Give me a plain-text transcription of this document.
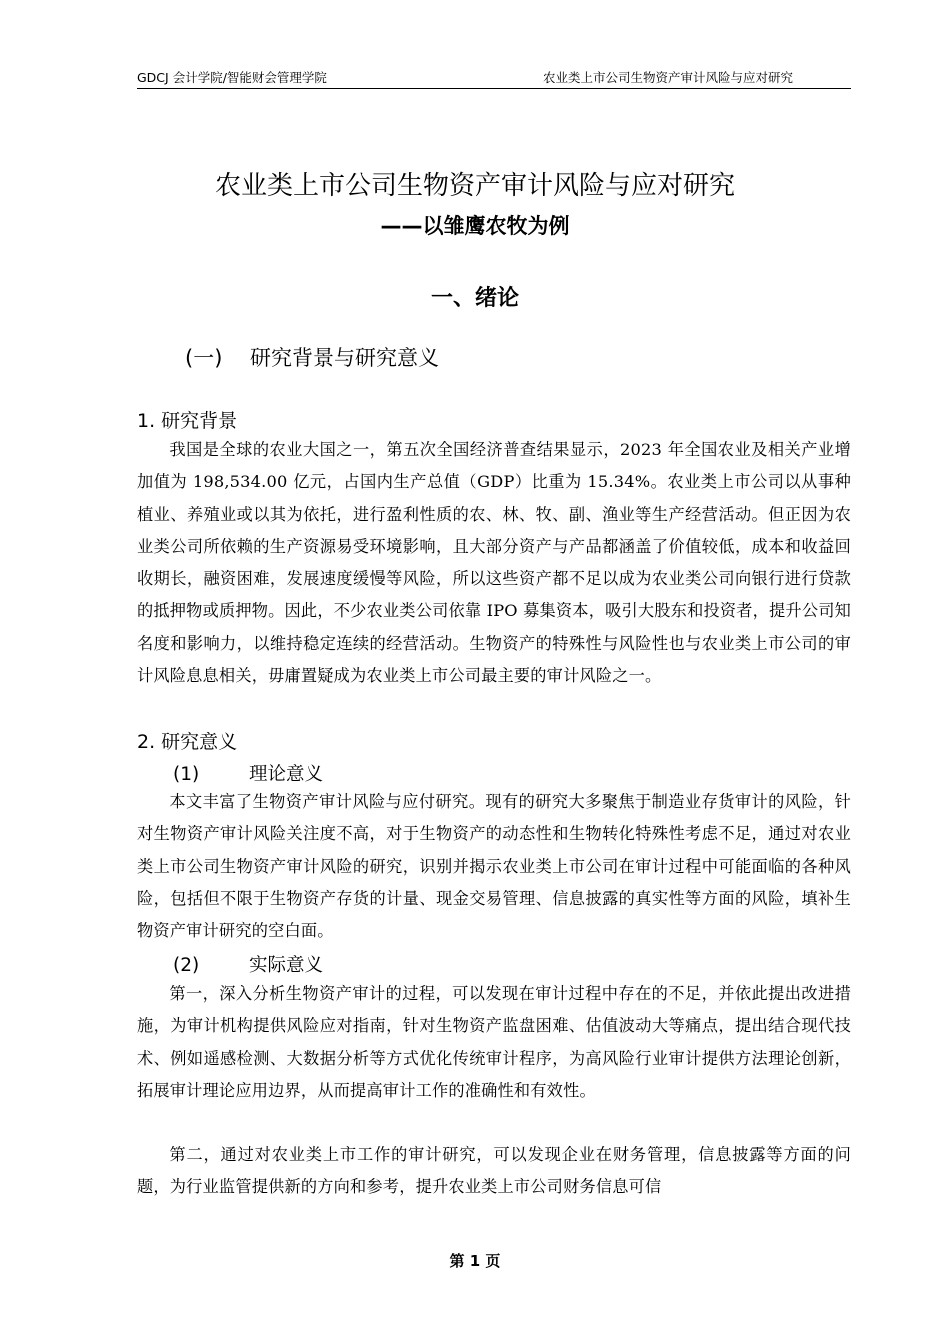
GDCJ 会计学院/智能财会管理学院	农业类上市公司生物资产审计风险与应对研究
农业类上市公司生物资产审计风险与应对研究
——以雏鹰农牧为例
一、绪论
(一) 研究背景与研究意义
1. 研究背景
我国是全球的农业大国之一，第五次全国经济普查结果显示，2023 年全国农业及相关产业增加值为 198,534.00 亿元，占国内生产总值（GDP）比重为 15.34%。农业类上市公司以从事种植业、养殖业或以其为依托，进行盈利性质的农、林、牧、副、渔业等生产经营活动。但正因为农业类公司所依赖的生产资源易受环境影响，且大部分资产与产品都涵盖了价值较低，成本和收益回收期长，融资困难，发展速度缓慢等风险，所以这些资产都不足以成为农业类公司向银行进行贷款的抵押物或质押物。因此，不少农业类公司依靠 IPO 募集资本，吸引大股东和投资者，提升公司知名度和影响力，以维持稳定连续的经营活动。生物资产的特殊性与风险性也与农业类上市公司的审计风险息息相关，毋庸置疑成为农业类上市公司最主要的审计风险之一。
2. 研究意义
(1)	理论意义
本文丰富了生物资产审计风险与应付研究。现有的研究大多聚焦于制造业存货审计的风险，针对生物资产审计风险关注度不高，对于生物资产的动态性和生物转化特殊性考虑不足，通过对农业类上市公司生物资产审计风险的研究，识别并揭示农业类上市公司在审计过程中可能面临的各种风险，包括但不限于生物资产存货的计量、现金交易管理、信息披露的真实性等方面的风险，填补生物资产审计研究的空白面。
(2)	实际意义
第一，深入分析生物资产审计的过程，可以发现在审计过程中存在的不足，并依此提出改进措施，为审计机构提供风险应对指南，针对生物资产监盘困难、估值波动大等痛点，提出结合现代技术、例如遥感检测、大数据分析等方式优化传统审计程序，为高风险行业审计提供方法理论创新，拓展审计理论应用边界，从而提高审计工作的准确性和有效性。
第二，通过对农业类上市工作的审计研究，可以发现企业在财务管理，信息披露等方面的问题，为行业监管提供新的方向和参考，提升农业类上市公司财务信息可信
第 1 页
